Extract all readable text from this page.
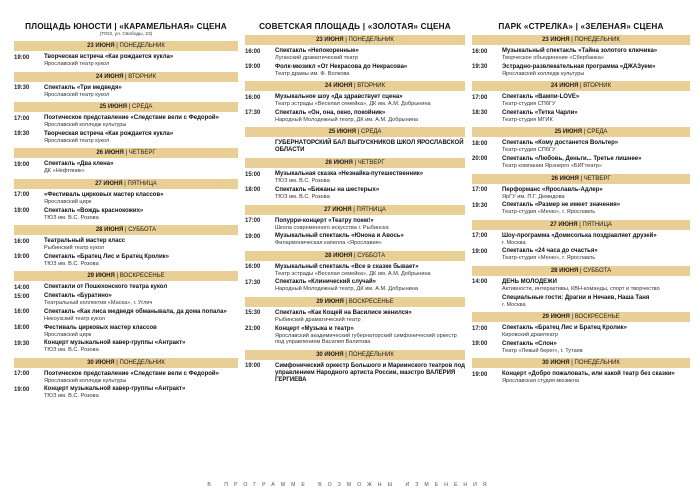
ПЛОЩАДЬ ЮНОСТИ | «КАРАМЕЛЬНАЯ» СЦЕНА
(ТЮЗ, ул. Свободы, 23)
23 ИЮНЯ | ПОНЕДЕЛЬНИК
19:00	Творческая встреча «Как рождается кукла»
Ярославский театр кукол
24 ИЮНЯ | ВТОРНИК
19:30	Спектакль «Три медведя»
Ярославский театр кукол
25 ИЮНЯ | СРЕДА
17:00	Поэтическое представление «Следствие вели с Федорой»
Ярославский колледж культуры
19:30	Творческая встреча «Как рождается кукла»
Ярославский театр кукол
26 ИЮНЯ | ЧЕТВЕРГ
19:00	Спектакль «Два клена»
ДК «Нефтяник»
27 ИЮНЯ | ПЯТНИЦА
17:00	«Фестиваль цирковых мастер классов»
Ярославский цирк
19:00	Спектакль «Вождь краснокожих»
ТЮЗ им. В.С. Розова
28 ИЮНЯ | СУББОТА
16:00	Театральный мастер класс
Рыбинский театр кукол
19:00	Спектакль «Братец Лис и Братец Кролик»
ТЮЗ им. В.С. Розова
29 ИЮНЯ | ВОСКРЕСЕНЬЕ
14:00	Спектакли от Пошехонского театра кукол
15:00	Спектакль «Буратино»
Театральный коллектив «Маска», г. Углич
16:00	Спектакль «Как лиса медведя обманывала, да дома попала»
Некоузский театр кукол
18:00	Фестиваль цирковых мастер классов
Ярославский цирк
19:30	Концерт музыкальной кавер-группы «Антракт»
ТЮЗ им. В.С. Розова
30 ИЮНЯ | ПОНЕДЕЛЬНИК
17:00	Поэтическое представление «Следствие вели с Федорой»
Ярославский колледж культуры
19:00	Концерт музыкальной кавер-группы «Антракт»
ТЮЗ им. В.С. Розова
СОВЕТСКАЯ ПЛОЩАДЬ | «ЗОЛОТАЯ» СЦЕНА
23 ИЮНЯ | ПОНЕДЕЛЬНИК
16:00	Спектакль «Непокоренные»
Луганский драматический театр
19:00	Фолк-мюзикл «От Некрасова до Некрасова»
Театр драмы им. Ф. Волкова
24 ИЮНЯ | ВТОРНИК
16:00	Музыкальное шоу «Да здравствует сцена»
Театр эстрады «Веселая семейка», ДК им. А.М. Добрынина
17:30	Спектакль «Он, она, окно, покойник»
Народный Молодежный театр, ДК им. А.М. Добрынина
25 ИЮНЯ | СРЕДА
ГУБЕРНАТОРСКИЙ БАЛ ВЫПУСКНИКОВ ШКОЛ ЯРОСЛАВСКОЙ ОБЛАСТИ
26 ИЮНЯ | ЧЕТВЕРГ
15:00	Музыкальная сказка «Незнайка-путешественник»
ТЮЗ им. В.С. Розова
18:00	Спектакль «Бижаны на шестерых»
ТЮЗ им. В.С. Розова
27 ИЮНЯ | ПЯТНИЦА
17:00	Попурри-концерт «Театру поем!»
Школа современного искусства г. Рыбинска
19:00	Музыкальный спектакль «Юнона и Авось»
Филармоническая капелла «Ярославия»
28 ИЮНЯ | СУББОТА
16:00	Музыкальный спектакль «Все в сказке бывает»
Театр эстрады «Веселая семейка», ДК им. А.М. Добрынина
17:30	Спектакль «Клинический случай»
Народный Молодежный театр, ДК им. А.М. Добрынина
29 ИЮНЯ | ВОСКРЕСЕНЬЕ
15:30	Спектакль «Как Кощей на Василисе женился»
Рыбинский драматический театр
21:00	Концерт «Музыка и театр»
Ярославский академический губернаторский симфонический оркестр под управлением Василия Валитова
30 ИЮНЯ | ПОНЕДЕЛЬНИК
19:00	Симфонический оркестр Большого и Мариинского театров под управлением Народного артиста России, маэстро ВАЛЕРИЯ ГЕРГИЕВА
ПАРК «СТРЕЛКА» | «ЗЕЛЕНАЯ» СЦЕНА
23 ИЮНЯ | ПОНЕДЕЛЬНИК
16:00	Музыкальный спектакль «Тайна золотого ключика»
Творческое объединение «Сбербанка»
19:30	Эстрадно-развлекательная программа «ДЖАЗуем»
Ярославский колледж культуры
24 ИЮНЯ | ВТОРНИК
17:00	Спектакль «Вампи-LOVE»
Театр-студия СПбГУ
18:30	Спектакль «Тетка Чарли»
Театр-студия МГИК
25 ИЮНЯ | СРЕДА
18:00	Спектакль «Кому достанется Вольтер»
Театр-студия СПбГУ
20:00	Спектакль «Любовь, Деньги... Третье лишнее»
Театр компании Ярэнерго «БИГтеатр»
26 ИЮНЯ | ЧЕТВЕРГ
17:00	Перформанс «Ярославль-Адлер»
ЯрГУ им. П.Г. Демидова
19:30	Спектакль «Размер не имеет значения»
Театр-студия «Меню», г. Ярославль
27 ИЮНЯ | ПЯТНИЦА
17:00	Шоу-программа «Домисолька поздравляет друзей»
г. Москва
19:00	Спектакль «24 часа до счастья»
Театр-студия «Меню», г. Ярославль
28 ИЮНЯ | СУББОТА
14:00	ДЕНЬ МОЛОДЕЖИ
Активности, интерактивы, КВН-команды, спорт и творчество
Специальные гости: Драгни и Нечаев, Наша Таня
г. Москва
29 ИЮНЯ | ВОСКРЕСЕНЬЕ
17:00	Спектакль «Братец Лис и Братец Кролик»
Кировский драмтеатр
19:00	Спектакль «Слон»
Театр «Левый берег», г. Тутаев
30 ИЮНЯ | ПОНЕДЕЛЬНИК
19:00	Концерт «Добро пожаловать, или какой театр без сказки»
Ярославская студия мюзикла
В ПРОГРАММЕ ВОЗМОЖНЫ ИЗМЕНЕНИЯ
